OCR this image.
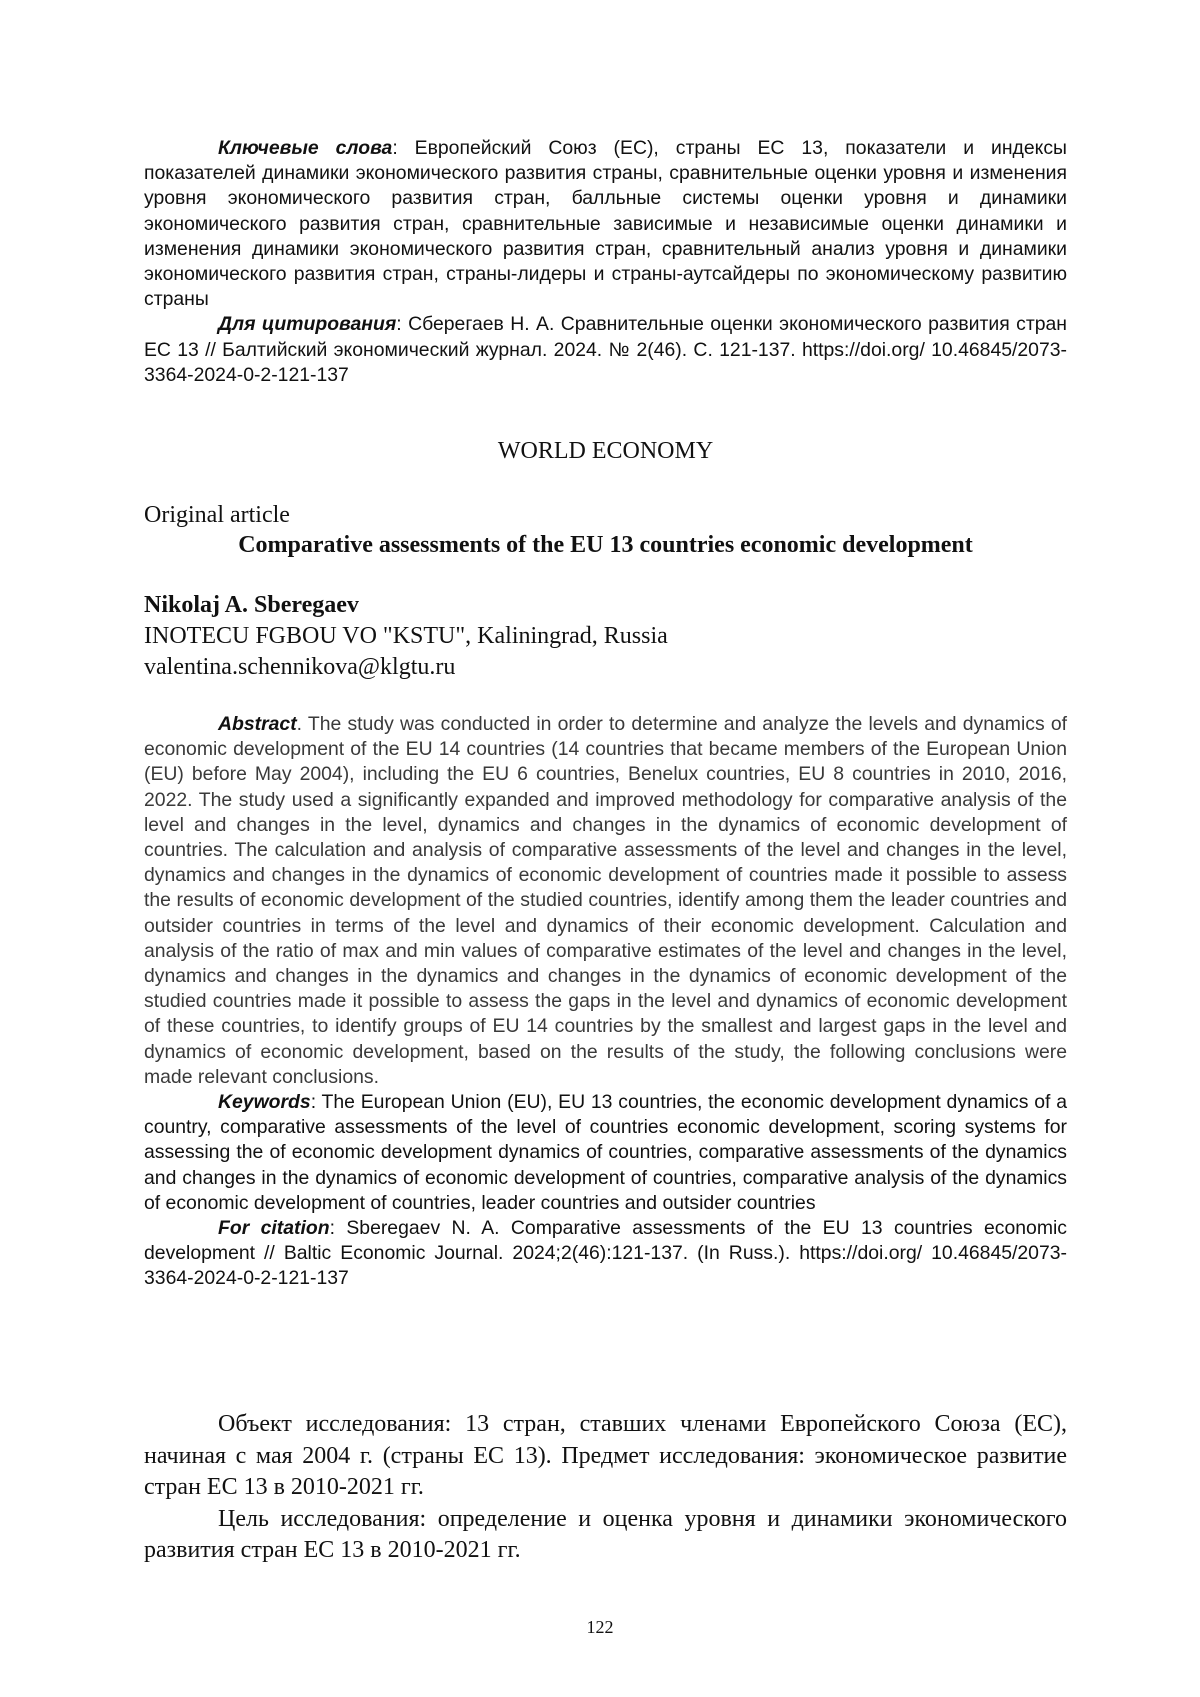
Ключевые слова: Европейский Союз (ЕС), страны ЕС 13, показатели и индексы показателей динамики экономического развития страны, сравнительные оценки уровня и изменения уровня экономического развития стран, балльные системы оценки уровня и динамики экономического развития стран, сравнительные зависимые и независимые оценки динамики и изменения динамики экономического развития стран, сравнительный анализ уровня и динамики экономического развития стран, страны-лидеры и страны-аутсайдеры по экономическому развитию страны

Для цитирования: Сберегаев Н. А. Сравнительные оценки экономического развития стран ЕС 13 // Балтийский экономический журнал. 2024. № 2(46). С. 121-137. https://doi.org/ 10.46845/2073-3364-2024-0-2-121-137

WORLD ECONOMY
Original article
Comparative assessments of the EU 13 countries economic development
Nikolaj A. Sberegaev
INOTECU FGBOU VO "KSTU", Kaliningrad, Russia
valentina.schennikova@klgtu.ru

Abstract. The study was conducted in order to determine and analyze the levels and dynamics of economic development of the EU 14 countries (14 countries that became members of the European Union (EU) before May 2004), including the EU 6 countries, Benelux countries, EU 8 countries in 2010, 2016, 2022. The study used a significantly expanded and improved methodology for comparative analysis of the level and changes in the level, dynamics and changes in the dynamics of economic development of countries. The calculation and analysis of comparative assessments of the level and changes in the level, dynamics and changes in the dynamics of economic development of countries made it possible to assess the results of economic development of the studied countries, identify among them the leader countries and outsider countries in terms of the level and dynamics of their economic development. Calculation and analysis of the ratio of max and min values of comparative estimates of the level and changes in the level, dynamics and changes in the dynamics and changes in the dynamics of economic development of the studied countries made it possible to assess the gaps in the level and dynamics of economic development of these countries, to identify groups of EU 14 countries by the smallest and largest gaps in the level and dynamics of economic development, based on the results of the study, the following conclusions were made relevant conclusions.

Keywords: The European Union (EU), EU 13 countries, the economic development dynamics of a country, comparative assessments of the level of countries economic development, scoring systems for assessing the of economic development dynamics of countries, comparative assessments of the dynamics and changes in the dynamics of economic development of countries, comparative analysis of the dynamics of economic development of countries, leader countries and outsider countries

For citation: Sberegaev N. A. Comparative assessments of the EU 13 countries economic development // Baltic Economic Journal. 2024;2(46):121-137. (In Russ.). https://doi.org/ 10.46845/2073-3364-2024-0-2-121-137

Объект исследования: 13 стран, ставших членами Европейского Союза (ЕС), начиная с мая 2004 г. (страны ЕС 13). Предмет исследования: экономическое развитие стран ЕС 13 в 2010-2021 гг.

Цель исследования: определение и оценка уровня и динамики экономического развития стран ЕС 13 в 2010-2021 гг.

122
